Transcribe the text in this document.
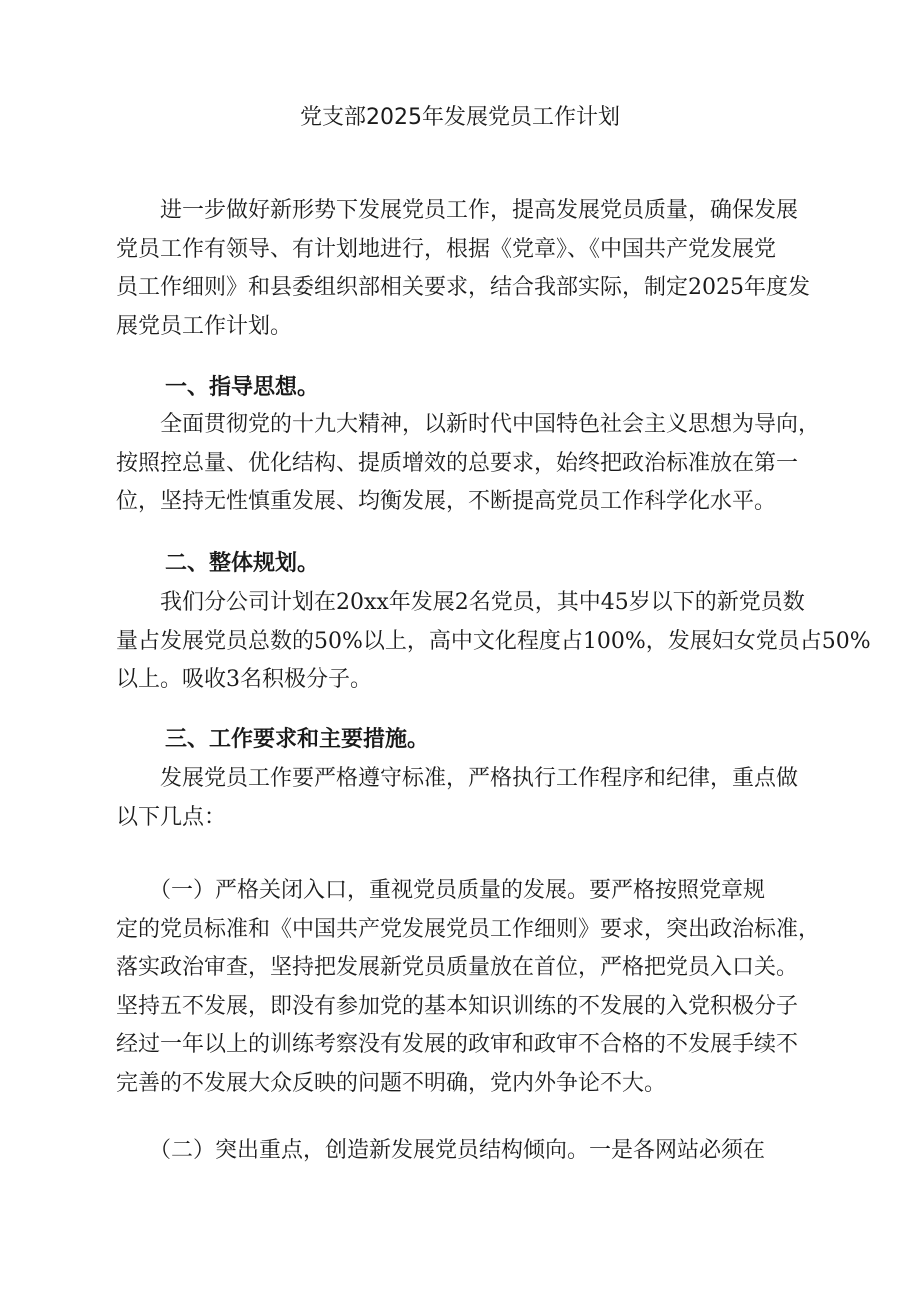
党支部2025年发展党员工作计划

　　进一步做好新形势下发展党员工作，提高发展党员质量，确保发展

党员工作有领导、有计划地进行，根据《党章》、《中国共产党发展党

员工作细则》和县委组织部相关要求，结合我部实际，制定2025年度发

展党员工作计划。

一、指导思想。

　　全面贯彻党的十九大精神，以新时代中国特色社会主义思想为导向，

按照控总量、优化结构、提质增效的总要求，始终把政治标准放在第一

位，坚持无性慎重发展、均衡发展，不断提高党员工作科学化水平。

二、整体规划。

　　我们分公司计划在20xx年发展2名党员，其中45岁以下的新党员数

量占发展党员总数的50%以上，高中文化程度占100%，发展妇女党员占50%

以上。吸收3名积极分子。

三、工作要求和主要措施。

　　发展党员工作要严格遵守标准，严格执行工作程序和纪律，重点做

以下几点：

　　（一）严格关闭入口，重视党员质量的发展。要严格按照党章规

定的党员标准和《中国共产党发展党员工作细则》要求，突出政治标准，

落实政治审查，坚持把发展新党员质量放在首位，严格把党员入口关。

坚持五不发展，即没有参加党的基本知识训练的不发展的入党积极分子

经过一年以上的训练考察没有发展的政审和政审不合格的不发展手续不

完善的不发展大众反映的问题不明确，党内外争论不大。

　　（二）突出重点，创造新发展党员结构倾向。一是各网站必须在
